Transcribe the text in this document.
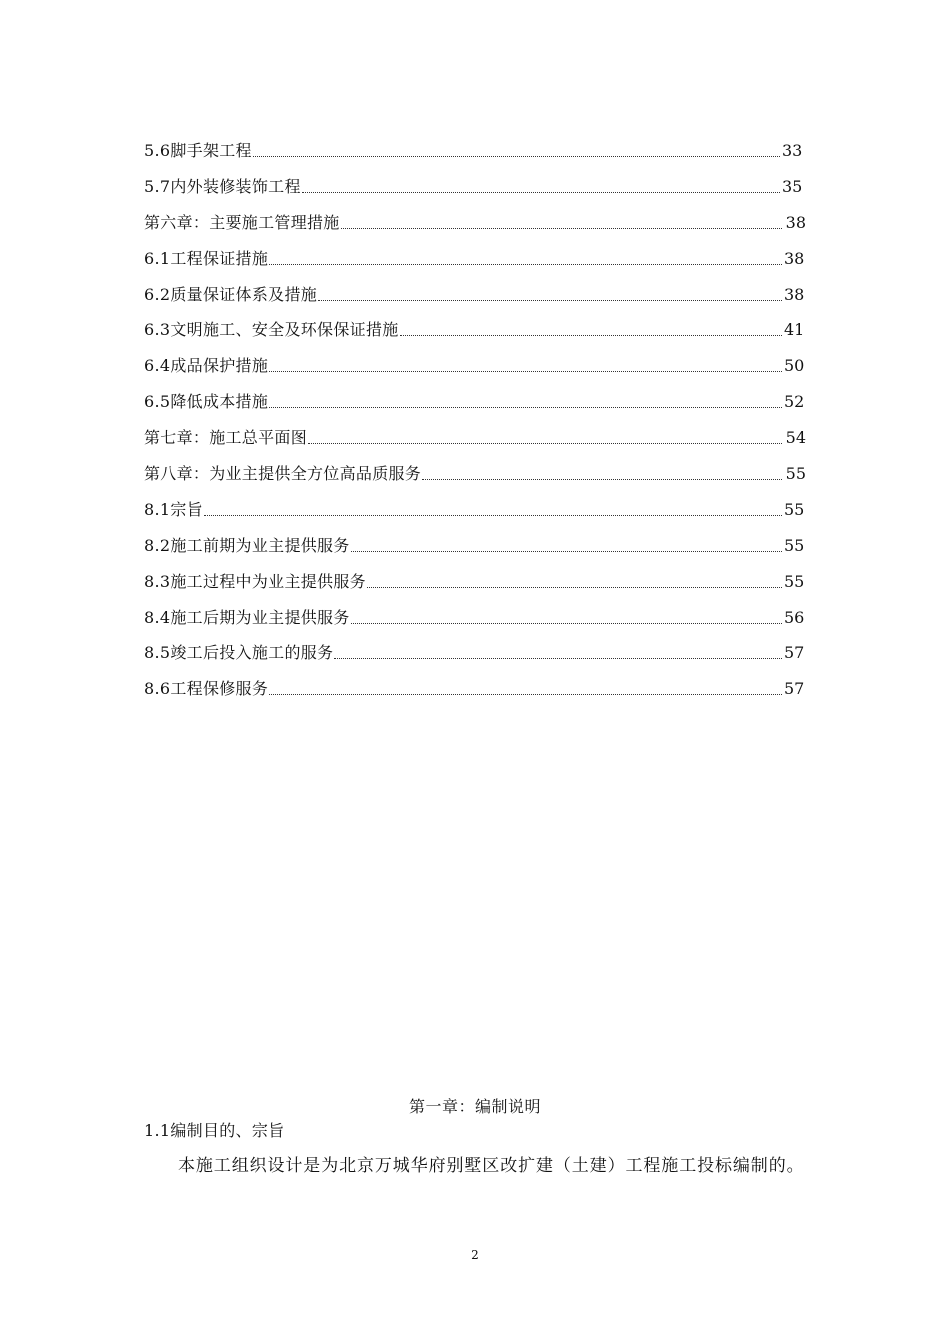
5.6脚手架工程	33
5.7内外装修装饰工程	35
第六章：主要施工管理措施	38
6.1工程保证措施	38
6.2质量保证体系及措施	38
6.3文明施工、安全及环保保证措施	41
6.4成品保护措施	50
6.5降低成本措施	52
第七章：施工总平面图	54
第八章：为业主提供全方位高品质服务	55
8.1宗旨	55
8.2施工前期为业主提供服务	55
8.3施工过程中为业主提供服务	55
8.4施工后期为业主提供服务	56
8.5竣工后投入施工的服务	57
8.6工程保修服务	57
第一章：编制说明
1.1编制目的、宗旨

本施工组织设计是为北京万城华府别墅区改扩建（土建）工程施工投标编制的。

2
